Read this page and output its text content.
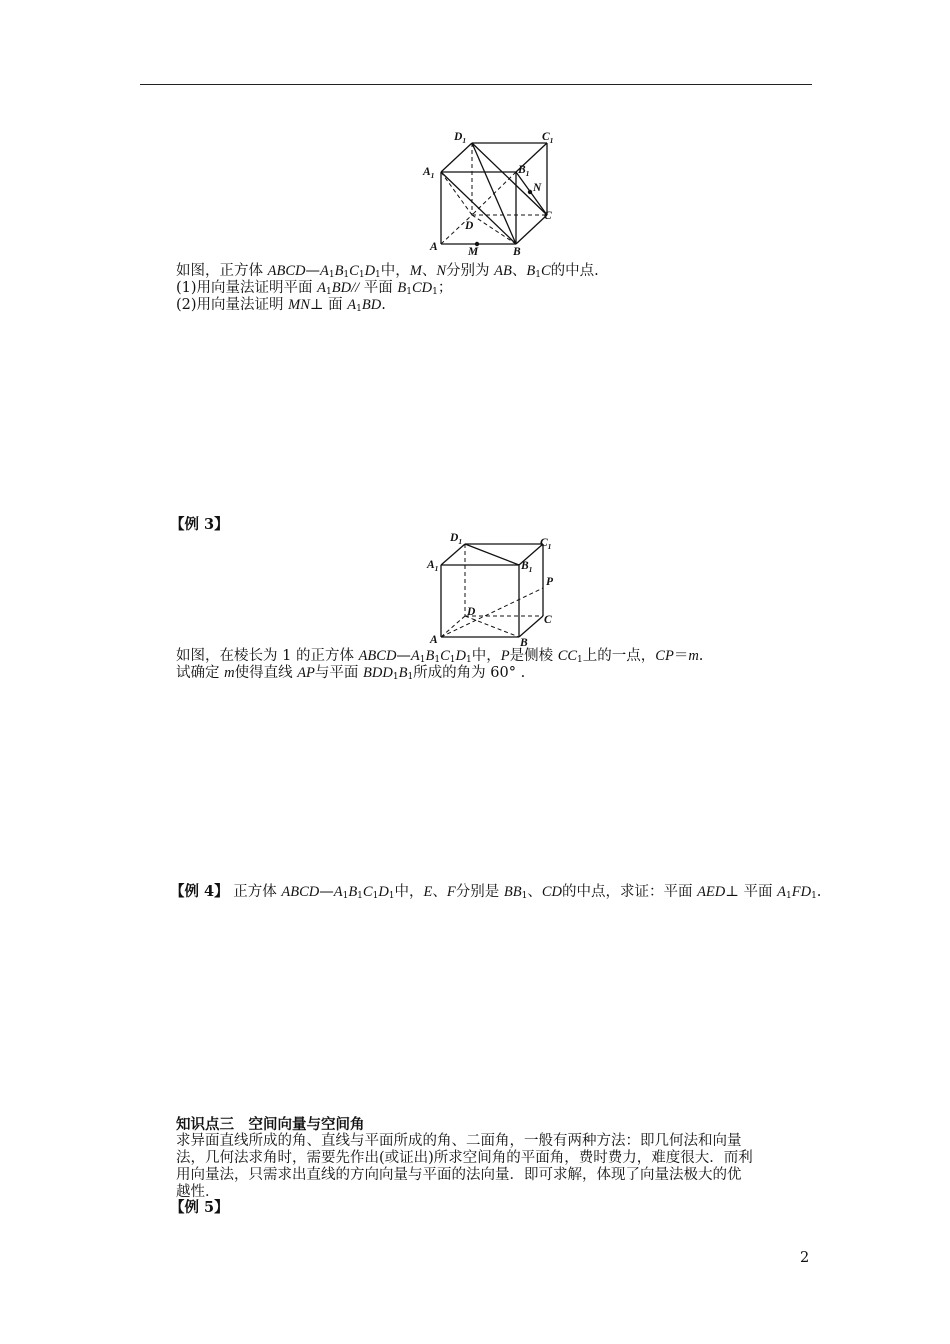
$D_1$	$C_1$
$A_1$	$B_1$
N
D
C
A	M	B
如图，正方体 $ABCD—A_1B_1C_1D_1$中，M、N分别为 AB、$B_1C$的中点.
(1)用向量法证明平面 $A_1BD//$ 平面 $B_1CD_1$；
(2)用向量法证明 MN⊥ 面 $A_1BD$.
【例 3】
$D_1$	$C_1$
$A_1$	$B_1$
P
D
C
A	B
如图，在棱长为 1 的正方体 $ABCD—A_1B_1C_1D_1$中，P是侧棱 $CC_1$上的一点，CP＝m.
试确定 m使得直线 AP与平面 $BDD_1B_1$所成的角为 60° .
【例 4】 正方体 $ABCD—A_1B_1C_1D_1$中，E、F分别是 $BB_1$、CD的中点，求证：平面 AED⊥ 平面 $A_1FD_1$.
知识点三　空间向量与空间角
求异面直线所成的角、直线与平面所成的角、二面角，一般有两种方法：即几何法和向量
法，几何法求角时，需要先作出(或证出)所求空间角的平面角，费时费力，难度很大．而利
用向量法，只需求出直线的方向向量与平面的法向量．即可求解，体现了向量法极大的优
越性．
【例 5】
2
